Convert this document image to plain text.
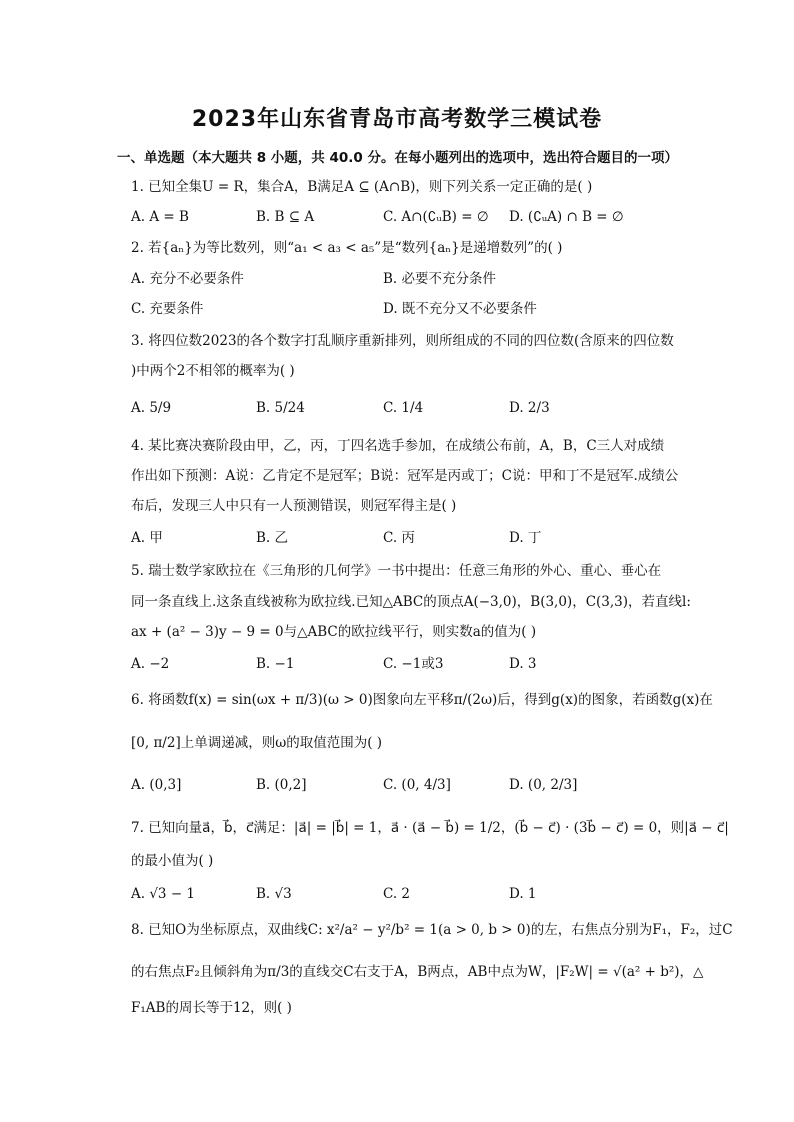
2023年山东省青岛市高考数学三模试卷
一、单选题（本大题共 8 小题，共 40.0 分。在每小题列出的选项中，选出符合题目的一项）
1. 已知全集U = R，集合A，B满足A ⊆ (A∩B)，则下列关系一定正确的是( )
A. A = B	B. B ⊆ A	C. A∩(∁ᵤB) = ∅ D. (∁ᵤA) ∩ B = ∅
2. 若{aₙ}为等比数列，则“a₁ < a₃ < a₅”是“数列{aₙ}是递增数列”的( )
A. 充分不必要条件	B. 必要不充分条件
C. 充要条件	D. 既不充分又不必要条件
3. 将四位数2023的各个数字打乱顺序重新排列，则所组成的不同的四位数(含原来的四位数
)中两个2不相邻的概率为( )
A. 5/9	B. 5/24	C. 1/4	D. 2/3
4. 某比赛决赛阶段由甲，乙，丙，丁四名选手参加，在成绩公布前，A，B，C三人对成绩
作出如下预测：A说：乙肯定不是冠军；B说：冠军是丙或丁；C说：甲和丁不是冠军.成绩公
布后，发现三人中只有一人预测错误，则冠军得主是( )
A. 甲	B. 乙	C. 丙	D. 丁
5. 瑞士数学家欧拉在《三角形的几何学》一书中提出：任意三角形的外心、重心、垂心在
同一条直线上.这条直线被称为欧拉线.已知△ABC的顶点A(−3,0)，B(3,0)，C(3,3)，若直线l:
ax + (a² − 3)y − 9 = 0与△ABC的欧拉线平行，则实数a的值为( )
A. −2	B. −1	C. −1或3	D. 3
6. 将函数f(x) = sin(ωx + π/3)(ω > 0)图象向左平移π/(2ω)后，得到g(x)的图象，若函数g(x)在
[0, π/2]上单调递减，则ω的取值范围为( )
A. (0,3]	B. (0,2]	C. (0, 4/3]	D. (0, 2/3]
7. 已知向量a⃗，b⃗，c⃗满足：|a⃗| = |b⃗| = 1，a⃗ · (a⃗ − b⃗) = 1/2，(b⃗ − c⃗) · (3b⃗ − c⃗) = 0，则|a⃗ − c⃗|
的最小值为( )
A. √3 − 1	B. √3	C. 2	D. 1
8. 已知O为坐标原点，双曲线C: x²/a² − y²/b² = 1(a > 0, b > 0)的左，右焦点分别为F₁，F₂，过C
的右焦点F₂且倾斜角为π/3的直线交C右支于A，B两点，AB中点为W，|F₂W| = √(a² + b²)，△
F₁AB的周长等于12，则( )
